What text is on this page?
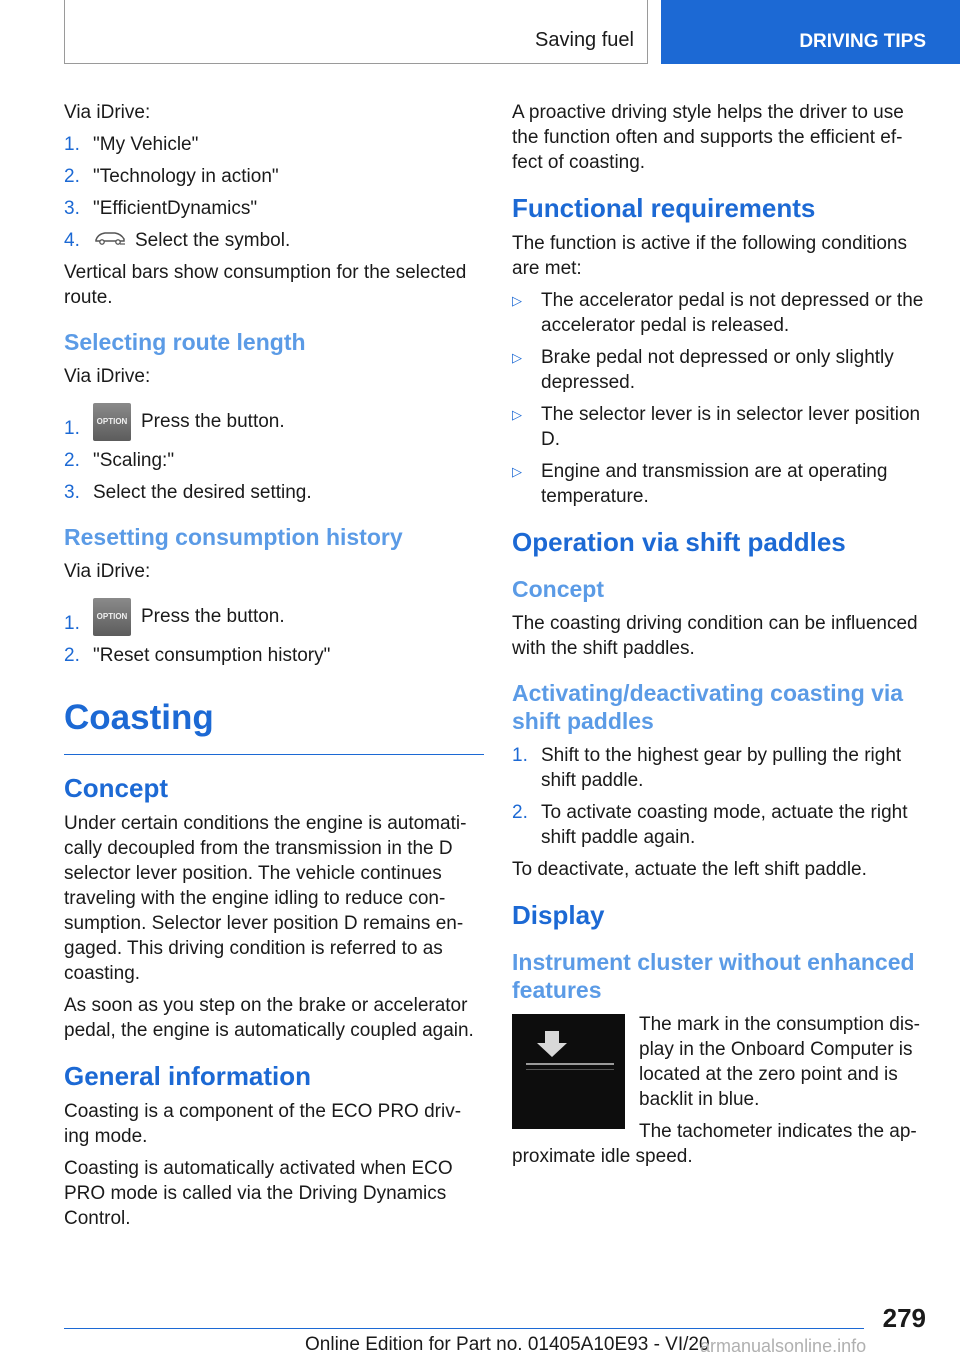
Saving fuel	DRIVING TIPS

Via iDrive:

1. "My Vehicle"
2. "Technology in action"
3. "EfficientDynamics"
4.	Select the symbol.

Vertical bars show consumption for the selected route.

Selecting route length

Via iDrive:

1. OPTION Press the button.
2. "Scaling:"
3. Select the desired setting.
Resetting consumption history

Via iDrive:

1. OPTION Press the button.
2. "Reset consumption history"
Coasting
Concept

Under certain conditions the engine is automati-cally decoupled from the transmission in the D selector lever position. The vehicle continues traveling with the engine idling to reduce con-sumption. Selector lever position D remains en-gaged. This driving condition is referred to as coasting.

As soon as you step on the brake or accelerator pedal, the engine is automatically coupled again.

General information

Coasting is a component of the ECO PRO driv-ing mode.

Coasting is automatically activated when ECO PRO mode is called via the Driving Dynamics Control.

A proactive driving style helps the driver to use the function often and supports the efficient ef-fect of coasting.

Functional requirements

The function is active if the following conditions are met:

▷ The accelerator pedal is not depressed or the accelerator pedal is released.
▷ Brake pedal not depressed or only slightly depressed.
▷ The selector lever is in selector lever position D.
▷ Engine and transmission are at operating temperature.
Operation via shift paddles
Concept

The coasting driving condition can be influenced with the shift paddles.

Activating/deactivating coasting via shift paddles
1. Shift to the highest gear by pulling the right shift paddle.
2. To activate coasting mode, actuate the right shift paddle again.

To deactivate, actuate the left shift paddle.

Display
Instrument cluster without enhanced features

The mark in the consumption dis-play in the Onboard Computer is located at the zero point and is backlit in blue.

The tachometer indicates the ap-proximate idle speed.

279
Online Edition for Part no. 01405A10E93 - VI/20
armanualsonline.info
